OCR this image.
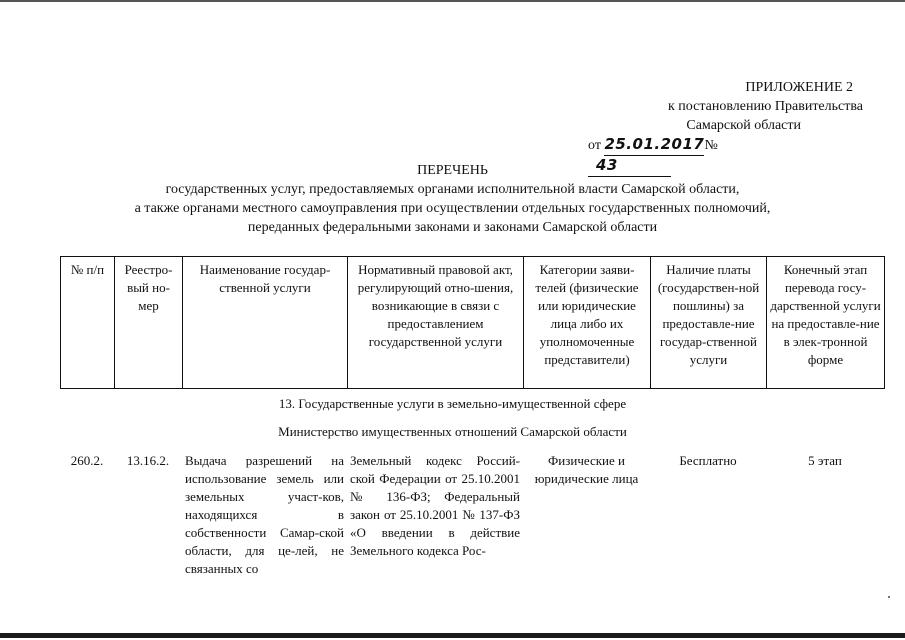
ПРИЛОЖЕНИЕ 2
к постановлению Правительства
Самарской области
от 25.01.2017№43
ПЕРЕЧЕНЬ
государственных услуг, предоставляемых органами исполнительной власти Самарской области,
а также органами местного самоуправления при осуществлении отдельных государственных полномочий,
переданных федеральными законами и законами Самарской области
№ п/п	Реестро-вый но-мер	Наименование государ-ственной услуги	Нормативный правовой акт, регулирующий отно-шения, возникающие в связи с предоставлением государственной услуги	Категории заяви-телей (физические или юридические лица либо их уполномоченные представители)	Наличие платы (государствен-ной пошлины) за предоставле-ние государ-ственной услуги	Конечный этап перевода госу-дарственной услуги на предоставле-ние в элек-тронной форме
13. Государственные услуги в земельно-имущественной сфере
Министерство имущественных отношений Самарской области
260.2.	13.16.2.	Выдача разрешений на использование земель или земельных участ-ков, находящихся в собственности Самар-ской области, для це-лей, не связанных со	Земельный кодекс Россий-ской Федерации от 25.10.2001 № 136-ФЗ; Федеральный закон от 25.10.2001 № 137-ФЗ «О введении в действие Земельного кодекса Рос-	Физические и юридические лица	Бесплатно	5 этап
